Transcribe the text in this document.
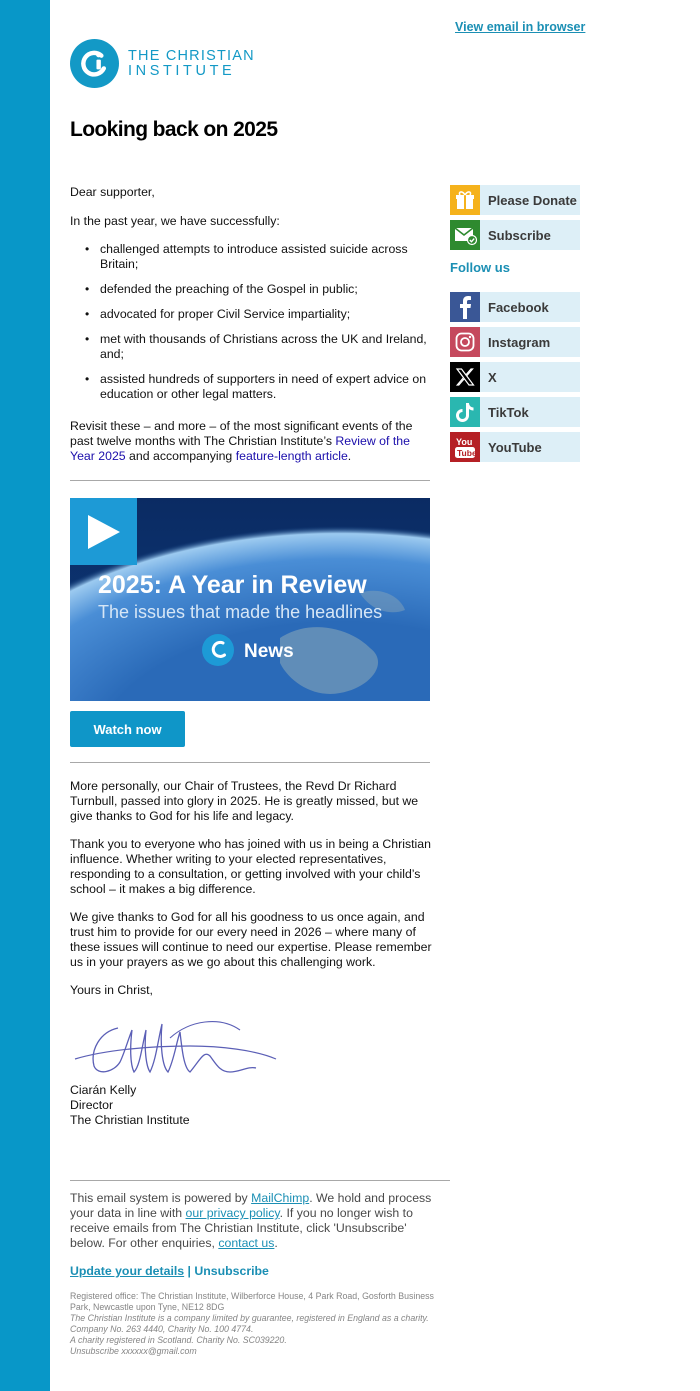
View email in browser
THE CHRISTIAN
INSTITUTE
Looking back on 2025

Dear supporter,

In the past year, we have successfully:

• challenged attempts to introduce assisted suicide across Britain;
• defended the preaching of the Gospel in public;
• advocated for proper Civil Service impartiality;
• met with thousands of Christians across the UK and Ireland, and;
• assisted hundreds of supporters in need of expert advice on education or other legal matters.

Revisit these – and more – of the most significant events of the past twelve months with The Christian Institute’s Review of the Year 2025 and accompanying feature-length article.

2025: A Year in Review
The issues that made the headlines
News
Watch now

More personally, our Chair of Trustees, the Revd Dr Richard Turnbull, passed into glory in 2025. He is greatly missed, but we give thanks to God for his life and legacy.

Thank you to everyone who has joined with us in being a Christian influence. Whether writing to your elected representatives, responding to a consultation, or getting involved with your child’s school – it makes a big difference.

We give thanks to God for all his goodness to us once again, and trust him to provide for our every need in 2026 – where many of these issues will continue to need our expertise. Please remember us in your prayers as we go about this challenging work.

Yours in Christ,

Ciarán Kelly
Director
The Christian Institute
Please Donate
Subscribe
Follow us
Facebook
Instagram
X
TikTok
You
Tube YouTube

This email system is powered by MailChimp. We hold and process your data in line with our privacy policy. If you no longer wish to receive emails from The Christian Institute, click 'Unsubscribe' below. For other enquiries, contact us.

Update your details | Unsubscribe
Registered office: The Christian Institute, Wilberforce House, 4 Park Road, Gosforth Business Park, Newcastle upon Tyne, NE12 8DG
The Christian Institute is a company limited by guarantee, registered in England as a charity.
Company No. 263 4440, Charity No. 100 4774.
A charity registered in Scotland. Charity No. SC039220.
Unsubscribe xxxxxx@gmail.com
